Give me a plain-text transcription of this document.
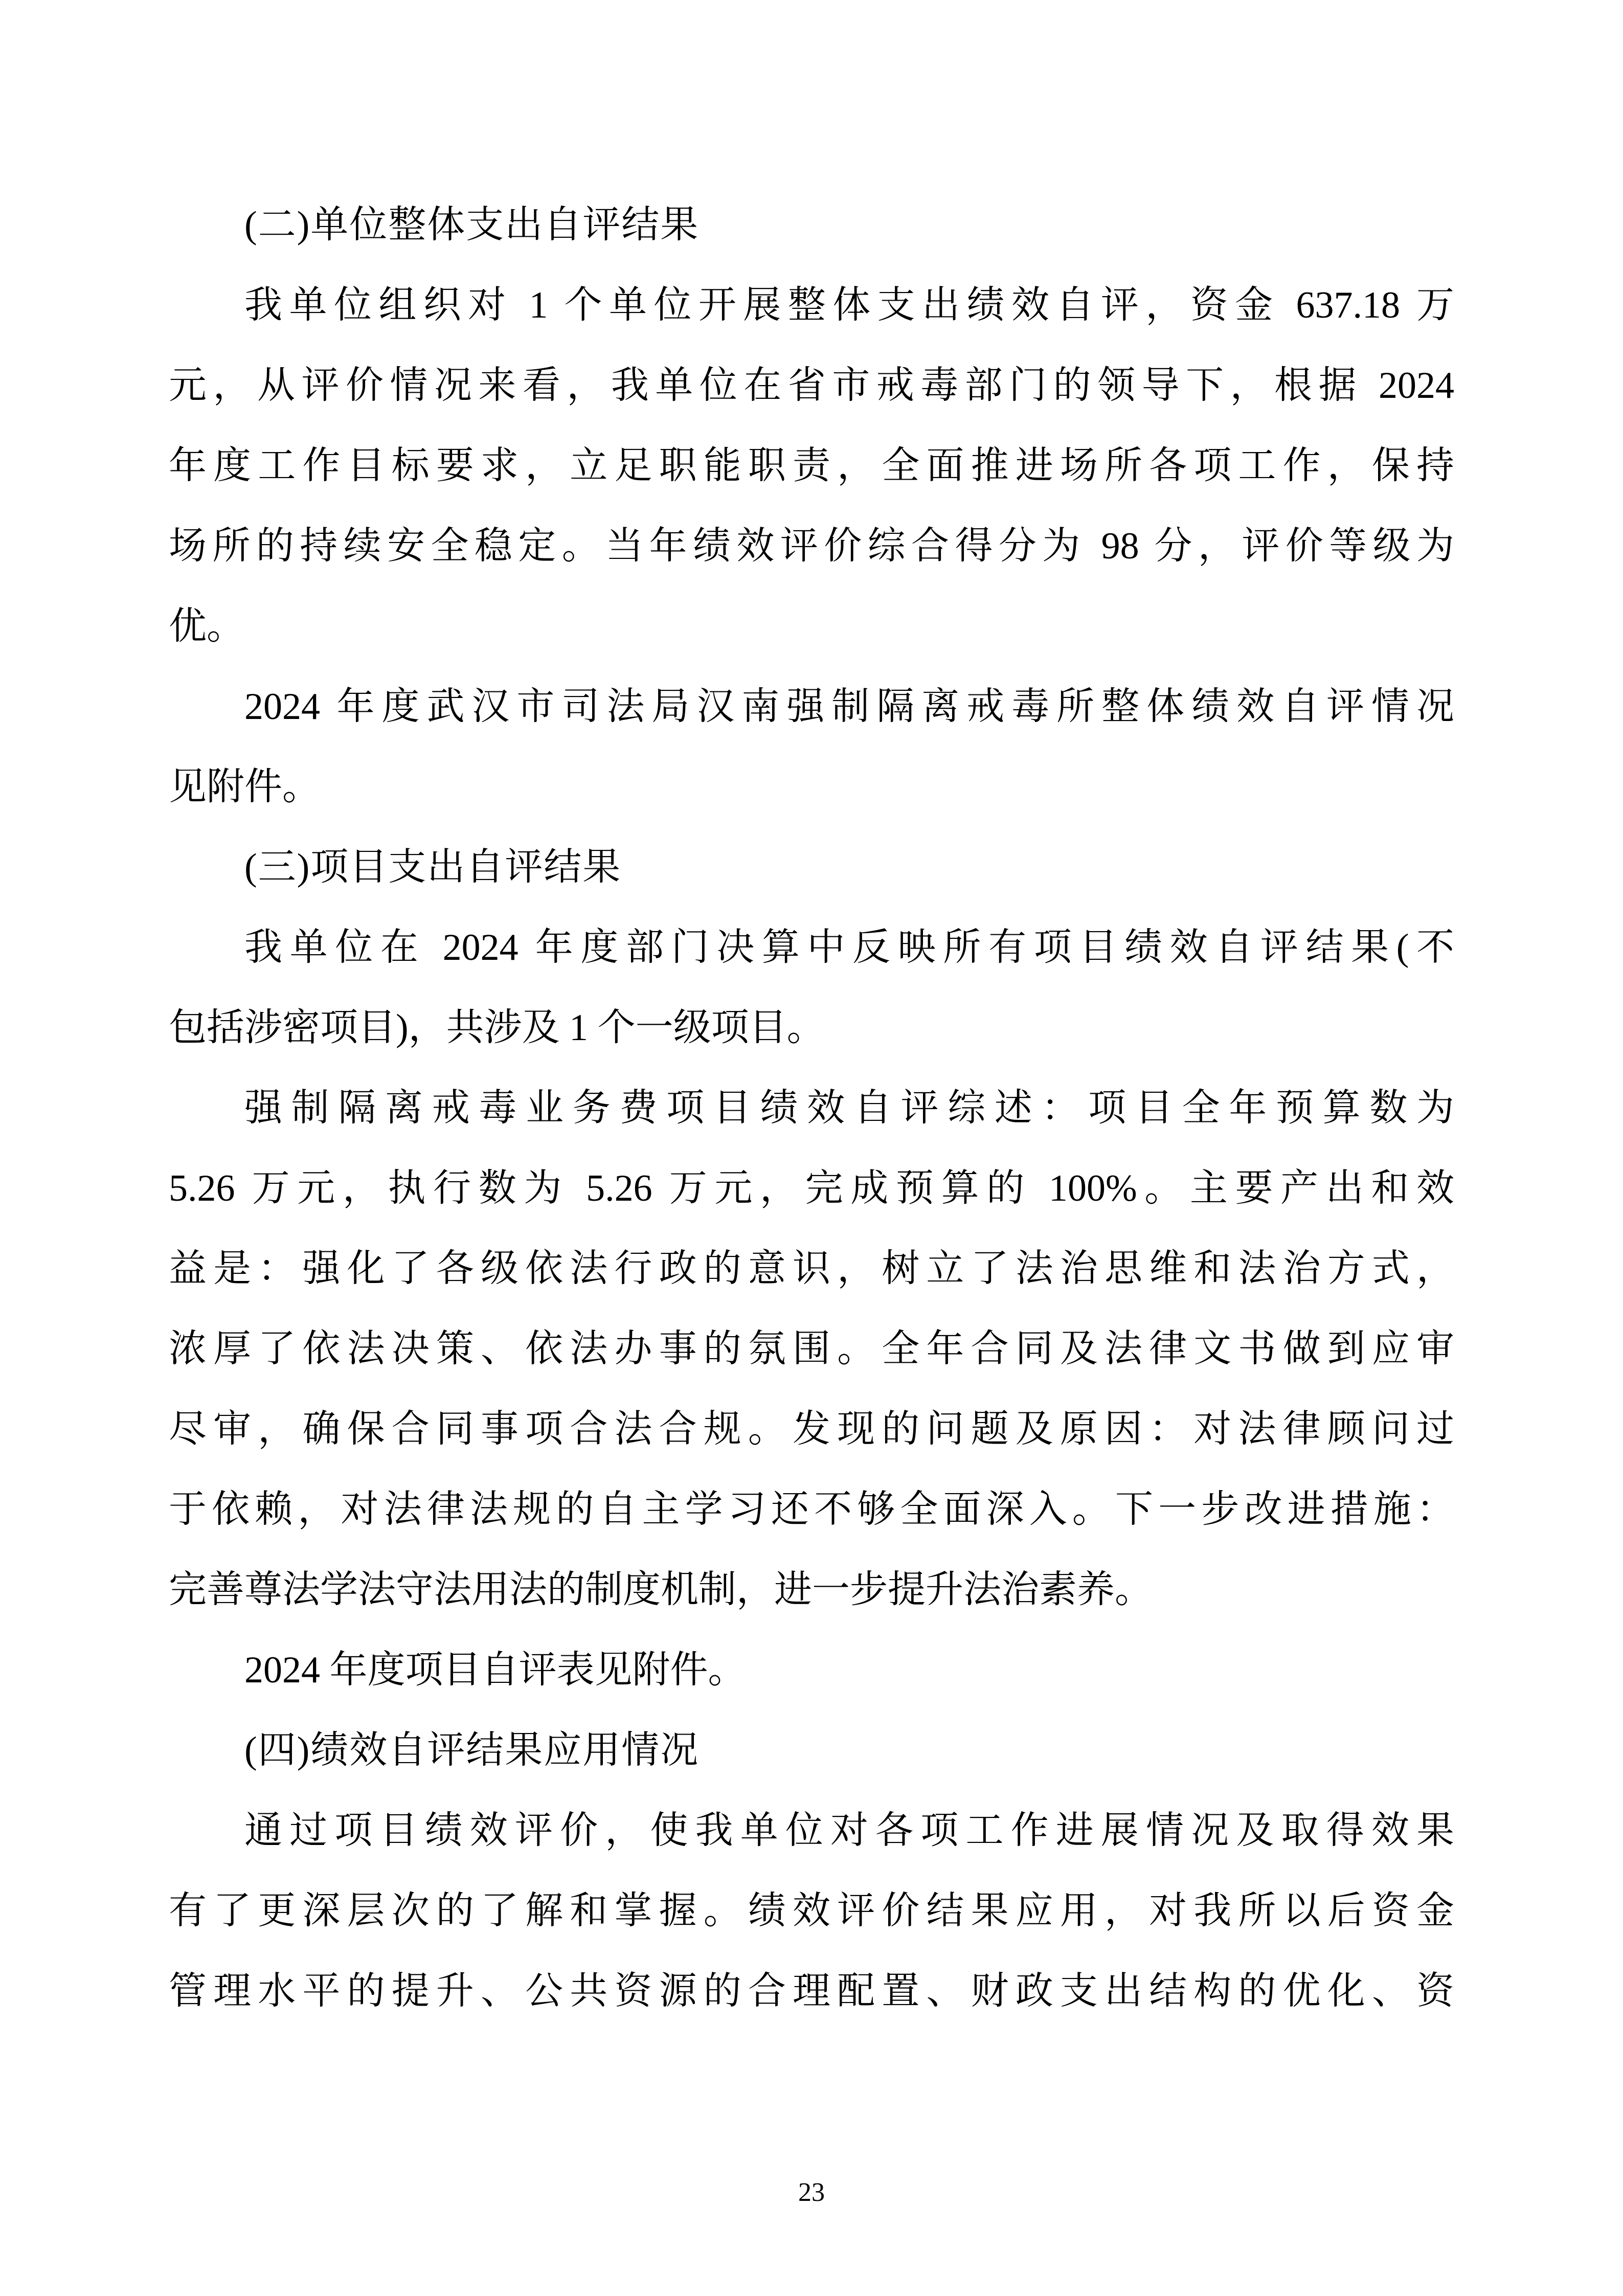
(二)单位整体支出自评结果
我单位组织对 1 个单位开展整体支出绩效自评，资金 637.18 万
元，从评价情况来看，我单位在省市戒毒部门的领导下，根据 2024
年度工作目标要求，立足职能职责，全面推进场所各项工作，保持
场所的持续安全稳定。当年绩效评价综合得分为 98 分，评价等级为
优。
2024 年度武汉市司法局汉南强制隔离戒毒所整体绩效自评情况
见附件。
(三)项目支出自评结果
我单位在 2024 年度部门决算中反映所有项目绩效自评结果(不
包括涉密项目)，共涉及 1 个一级项目。
强制隔离戒毒业务费项目绩效自评综述：项目全年预算数为
5.26 万元，执行数为 5.26 万元，完成预算的 100%。主要产出和效
益是：强化了各级依法行政的意识，树立了法治思维和法治方式，
浓厚了依法决策、依法办事的氛围。全年合同及法律文书做到应审
尽审，确保合同事项合法合规。发现的问题及原因：对法律顾问过
于依赖，对法律法规的自主学习还不够全面深入。下一步改进措施：
完善尊法学法守法用法的制度机制，进一步提升法治素养。
2024 年度项目自评表见附件。
(四)绩效自评结果应用情况
通过项目绩效评价，使我单位对各项工作进展情况及取得效果
有了更深层次的了解和掌握。绩效评价结果应用，对我所以后资金
管理水平的提升、公共资源的合理配置、财政支出结构的优化、资
23
